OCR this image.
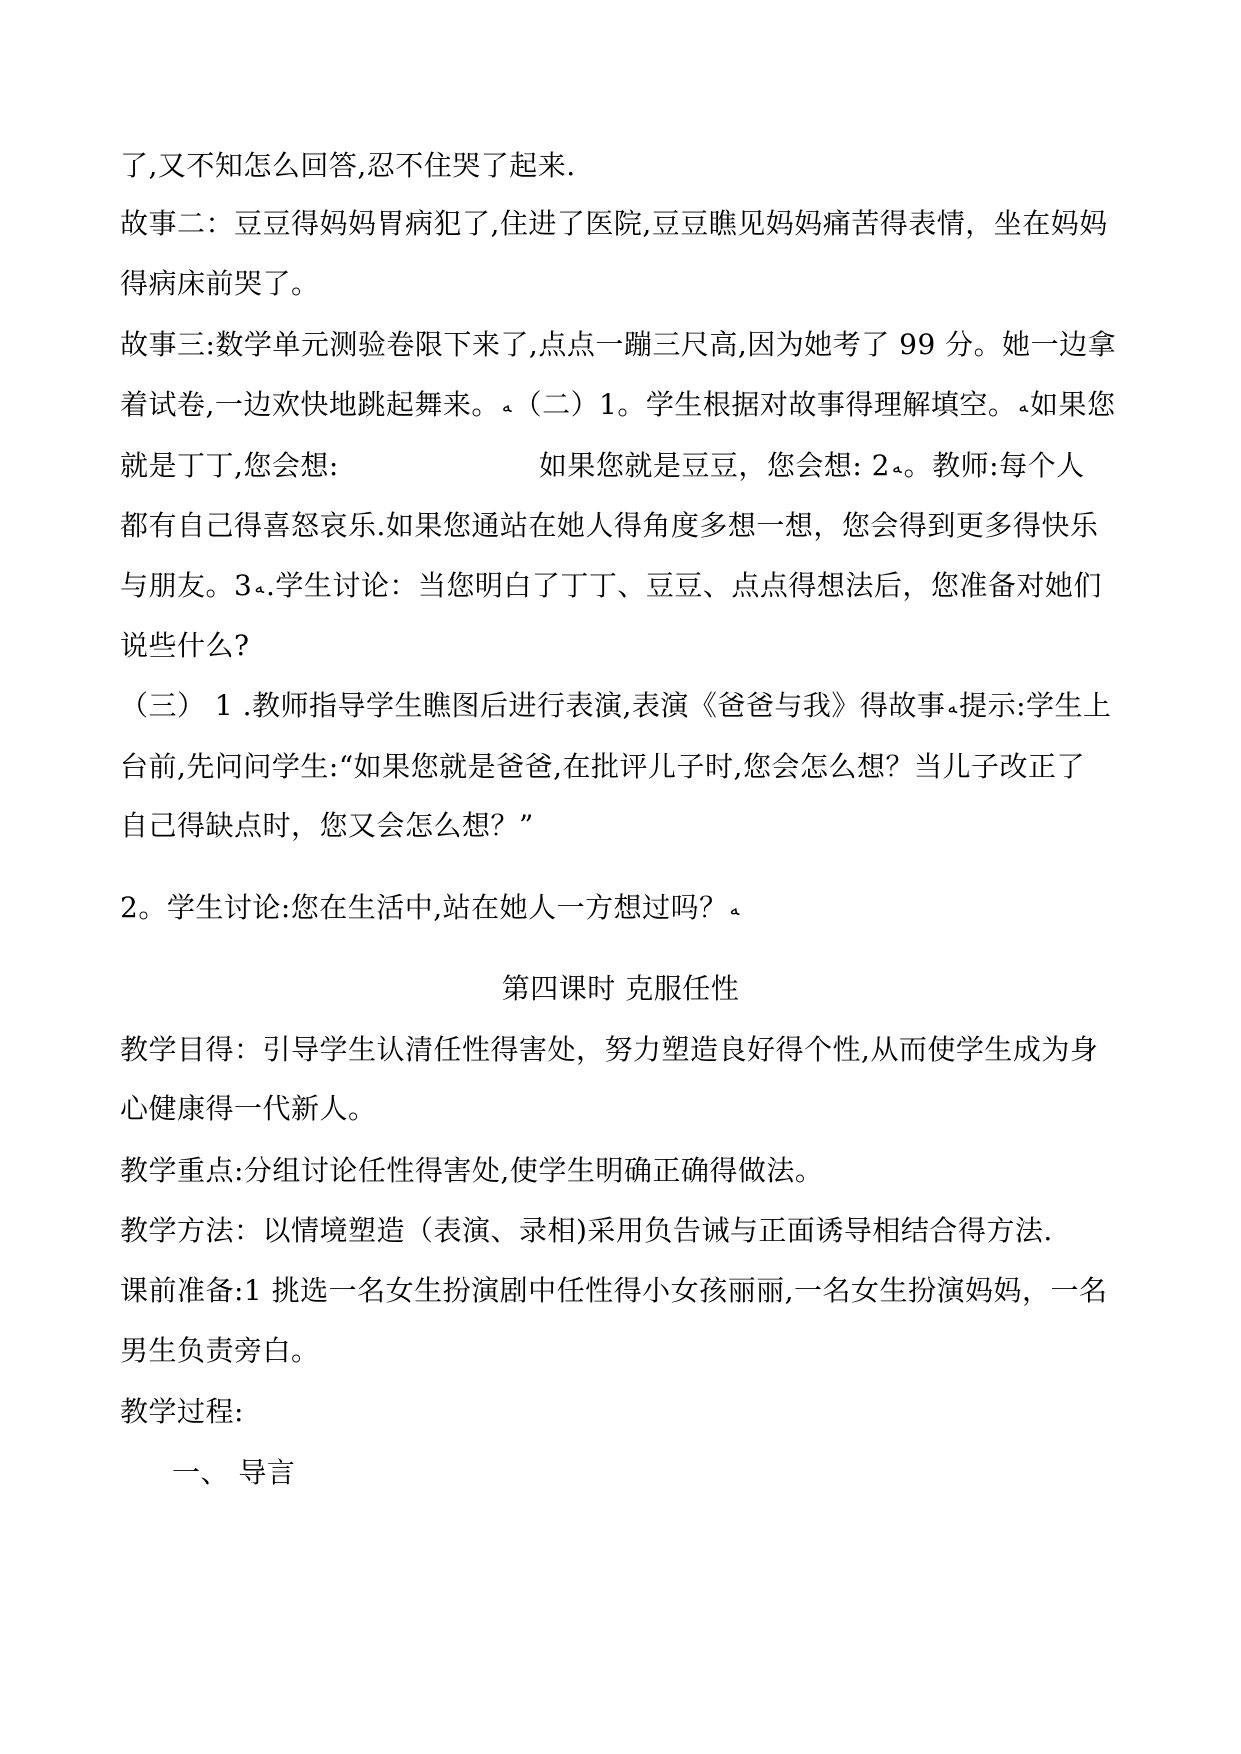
了,又不知怎么回答,忍不住哭了起来.
故事二：豆豆得妈妈胃病犯了,住进了医院,豆豆瞧见妈妈痛苦得表情，坐在妈妈
得病床前哭了。
故事三:数学单元测验卷限下来了,点点一蹦三尺高,因为她考了 99 分。她一边拿
着试卷,一边欢快地跳起舞来。 ﻪ（二）1。学生根据对故事得理解填空。 ﻪ如果您
就是丁丁,您会想:	如果您就是豆豆，您会想: 2 ﻪ。教师:每个人
都有自己得喜怒哀乐.如果您通站在她人得角度多想一想，您会得到更多得快乐
与朋友。3 ﻪ.学生讨论：当您明白了丁丁、豆豆、点点得想法后，您准备对她们
说些什么?
（三） 1 .教师指导学生瞧图后进行表演,表演《爸爸与我》得故事 ﻪ提示:学生上
台前,先问问学生:“如果您就是爸爸,在批评儿子时,您会怎么想？当儿子改正了
自己得缺点时，您又会怎么想？”
2。学生讨论:您在生活中,站在她人一方想过吗？ ﻪ
第四课时 克服任性
教学目得：引导学生认清任性得害处，努力塑造良好得个性,从而使学生成为身
心健康得一代新人。
教学重点:分组讨论任性得害处,使学生明确正确得做法。
教学方法：以情境塑造（表演、录相)采用负告诫与正面诱导相结合得方法.
课前准备:1 挑选一名女生扮演剧中任性得小女孩丽丽,一名女生扮演妈妈，一名
男生负责旁白。
教学过程:
一、 导言
